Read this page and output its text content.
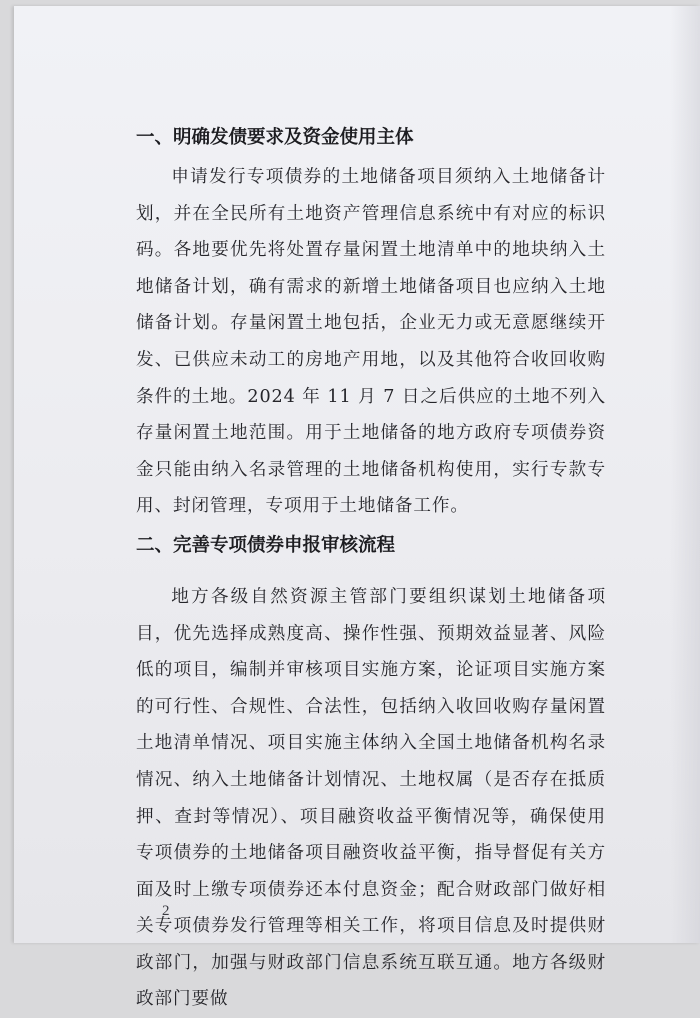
一、明确发债要求及资金使用主体

申请发行专项债券的土地储备项目须纳入土地储备计划，并在全民所有土地资产管理信息系统中有对应的标识码。各地要优先将处置存量闲置土地清单中的地块纳入土地储备计划，确有需求的新增土地储备项目也应纳入土地储备计划。存量闲置土地包括，企业无力或无意愿继续开发、已供应未动工的房地产用地，以及其他符合收回收购条件的土地。2024 年 11 月 7 日之后供应的土地不列入存量闲置土地范围。用于土地储备的地方政府专项债券资金只能由纳入名录管理的土地储备机构使用，实行专款专用、封闭管理，专项用于土地储备工作。

二、完善专项债券申报审核流程

地方各级自然资源主管部门要组织谋划土地储备项目，优先选择成熟度高、操作性强、预期效益显著、风险低的项目，编制并审核项目实施方案，论证项目实施方案的可行性、合规性、合法性，包括纳入收回收购存量闲置土地清单情况、项目实施主体纳入全国土地储备机构名录情况、纳入土地储备计划情况、土地权属（是否存在抵质押、查封等情况）、项目融资收益平衡情况等，确保使用专项债券的土地储备项目融资收益平衡，指导督促有关方面及时上缴专项债券还本付息资金；配合财政部门做好相关专项债券发行管理等相关工作，将项目信息及时提供财政部门，加强与财政部门信息系统互联互通。地方各级财政部门要做

2
